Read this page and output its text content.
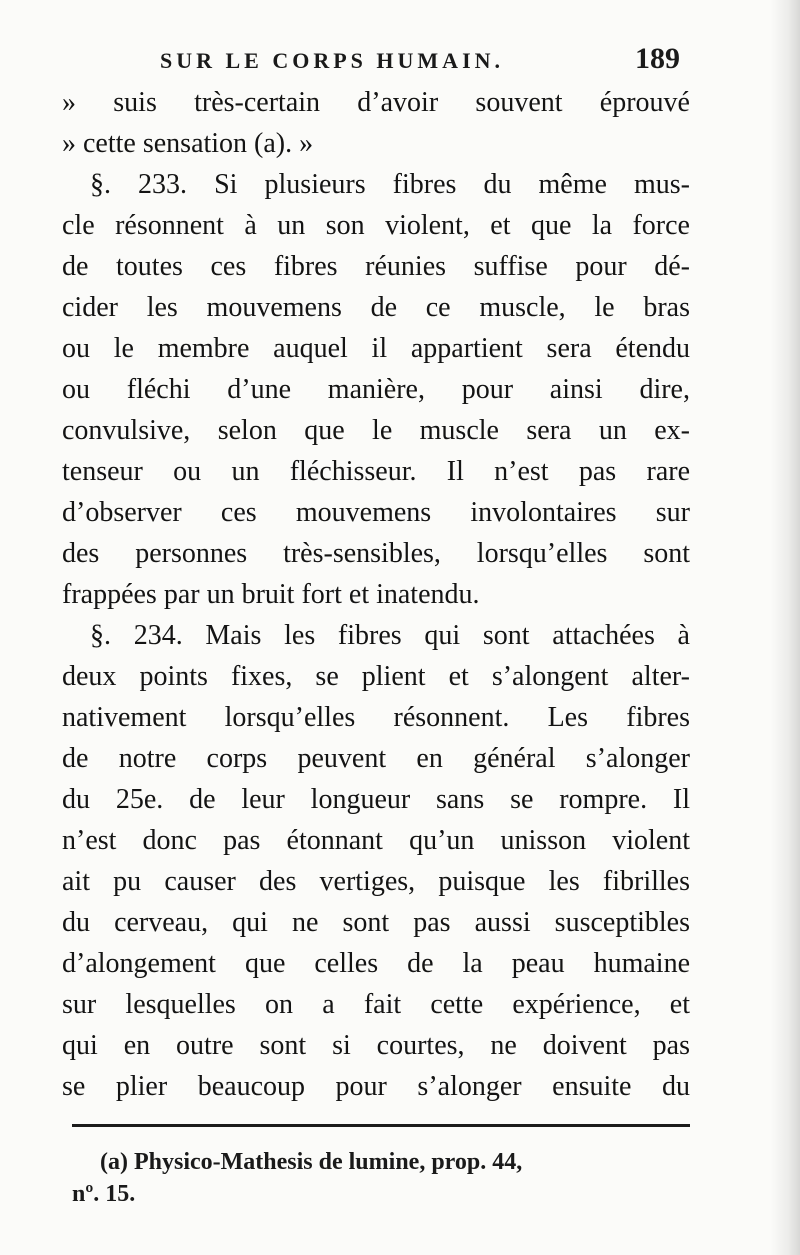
SUR LE CORPS HUMAIN.	189
» suis très-certain d’avoir souvent éprouvé
» cette sensation (a). »
§. 233. Si plusieurs fibres du même mus-
cle résonnent à un son violent, et que la force
de toutes ces fibres réunies suffise pour dé-
cider les mouvemens de ce muscle, le bras
ou le membre auquel il appartient sera étendu
ou fléchi d’une manière, pour ainsi dire,
convulsive, selon que le muscle sera un ex-
tenseur ou un fléchisseur. Il n’est pas rare
d’observer ces mouvemens involontaires sur
des personnes très-sensibles, lorsqu’elles sont
frappées par un bruit fort et inatendu.
§. 234. Mais les fibres qui sont attachées à
deux points fixes, se plient et s’alongent alter-
nativement lorsqu’elles résonnent. Les fibres
de notre corps peuvent en général s’alonger
du 25e. de leur longueur sans se rompre. Il
n’est donc pas étonnant qu’un unisson violent
ait pu causer des vertiges, puisque les fibrilles
du cerveau, qui ne sont pas aussi susceptibles
d’alongement que celles de la peau humaine
sur lesquelles on a fait cette expérience, et
qui en outre sont si courtes, ne doivent pas
se plier beaucoup pour s’alonger ensuite du
(a) Physico-Mathesis de lumine, prop. 44,
nº. 15.
